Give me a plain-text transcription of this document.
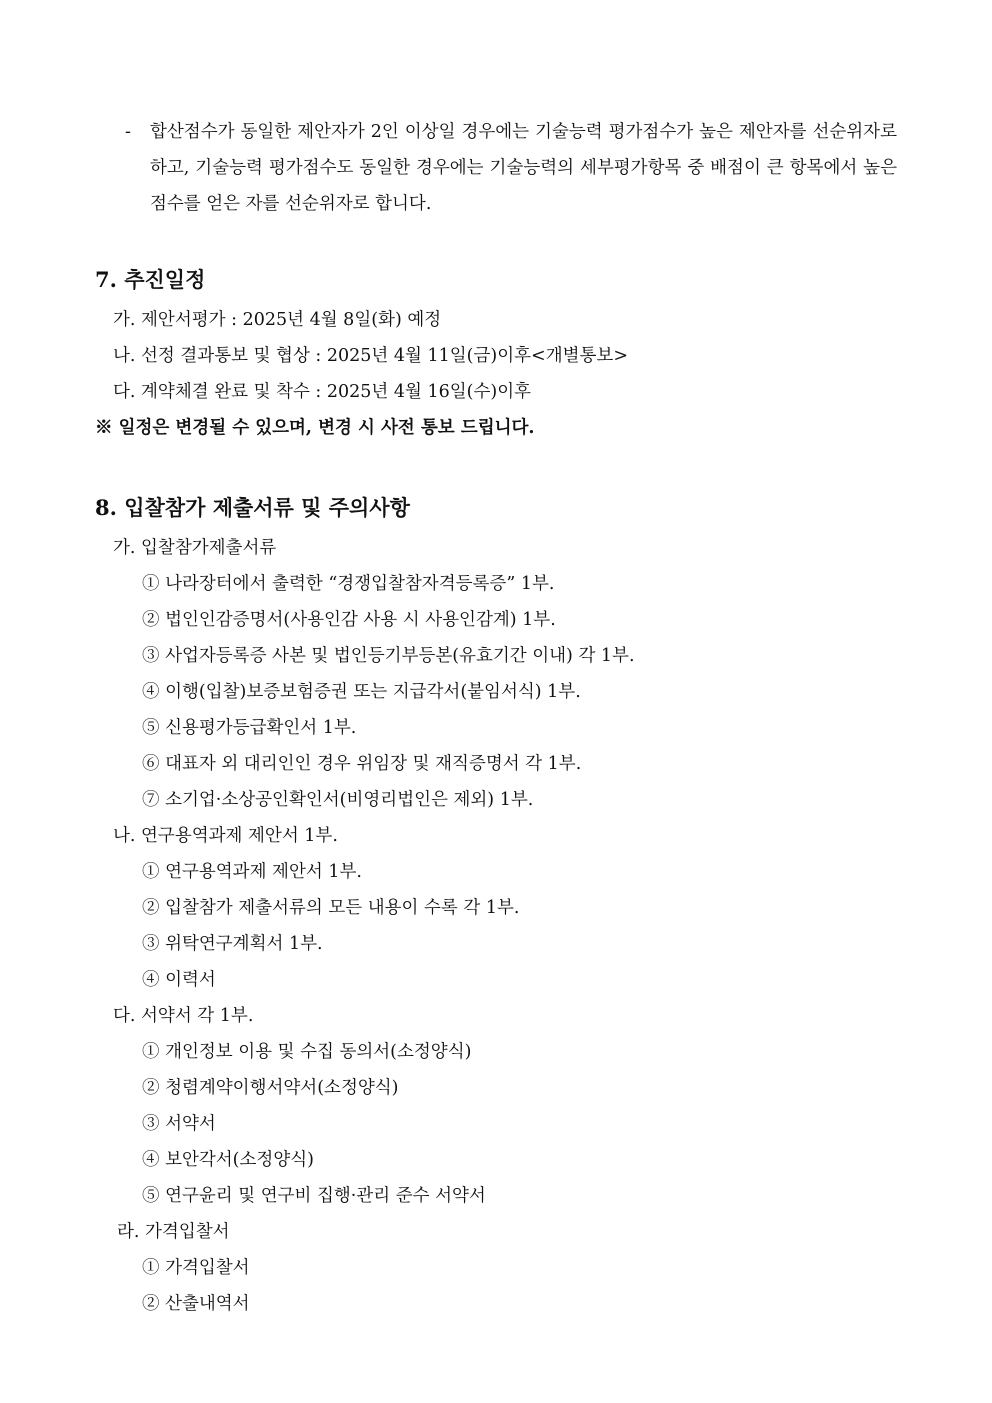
-	합산점수가 동일한 제안자가 2인 이상일 경우에는 기술능력 평가점수가 높은 제안자를 선순위자로 하고, 기술능력 평가점수도 동일한 경우에는 기술능력의 세부평가항목 중 배점이 큰 항목에서 높은 점수를 얻은 자를 선순위자로 합니다.
7. 추진일정
가. 제안서평가 : 2025년 4월 8일(화) 예정
나. 선정 결과통보 및 협상 : 2025년 4월 11일(금)이후<개별통보>
다. 계약체결 완료 및 착수 : 2025년 4월 16일(수)이후
※ 일정은 변경될 수 있으며, 변경 시 사전 통보 드립니다.
8. 입찰참가 제출서류 및 주의사항
가. 입찰참가제출서류
① 나라장터에서 출력한 “경쟁입찰참자격등록증” 1부.
② 법인인감증명서(사용인감 사용 시 사용인감계) 1부.
③ 사업자등록증 사본 및 법인등기부등본(유효기간 이내) 각 1부.
④ 이행(입찰)보증보험증권 또는 지급각서(붙임서식) 1부.
⑤ 신용평가등급확인서 1부.
⑥ 대표자 외 대리인인 경우 위임장 및 재직증명서 각 1부.
⑦ 소기업·소상공인확인서(비영리법인은 제외) 1부.
나. 연구용역과제 제안서 1부.
① 연구용역과제 제안서 1부.
② 입찰참가 제출서류의 모든 내용이 수록 각 1부.
③ 위탁연구계획서 1부.
④ 이력서
다. 서약서 각 1부.
① 개인정보 이용 및 수집 동의서(소정양식)
② 청렴계약이행서약서(소정양식)
③ 서약서
④ 보안각서(소정양식)
⑤ 연구윤리 및 연구비 집행·관리 준수 서약서
라. 가격입찰서
① 가격입찰서
② 산출내역서
